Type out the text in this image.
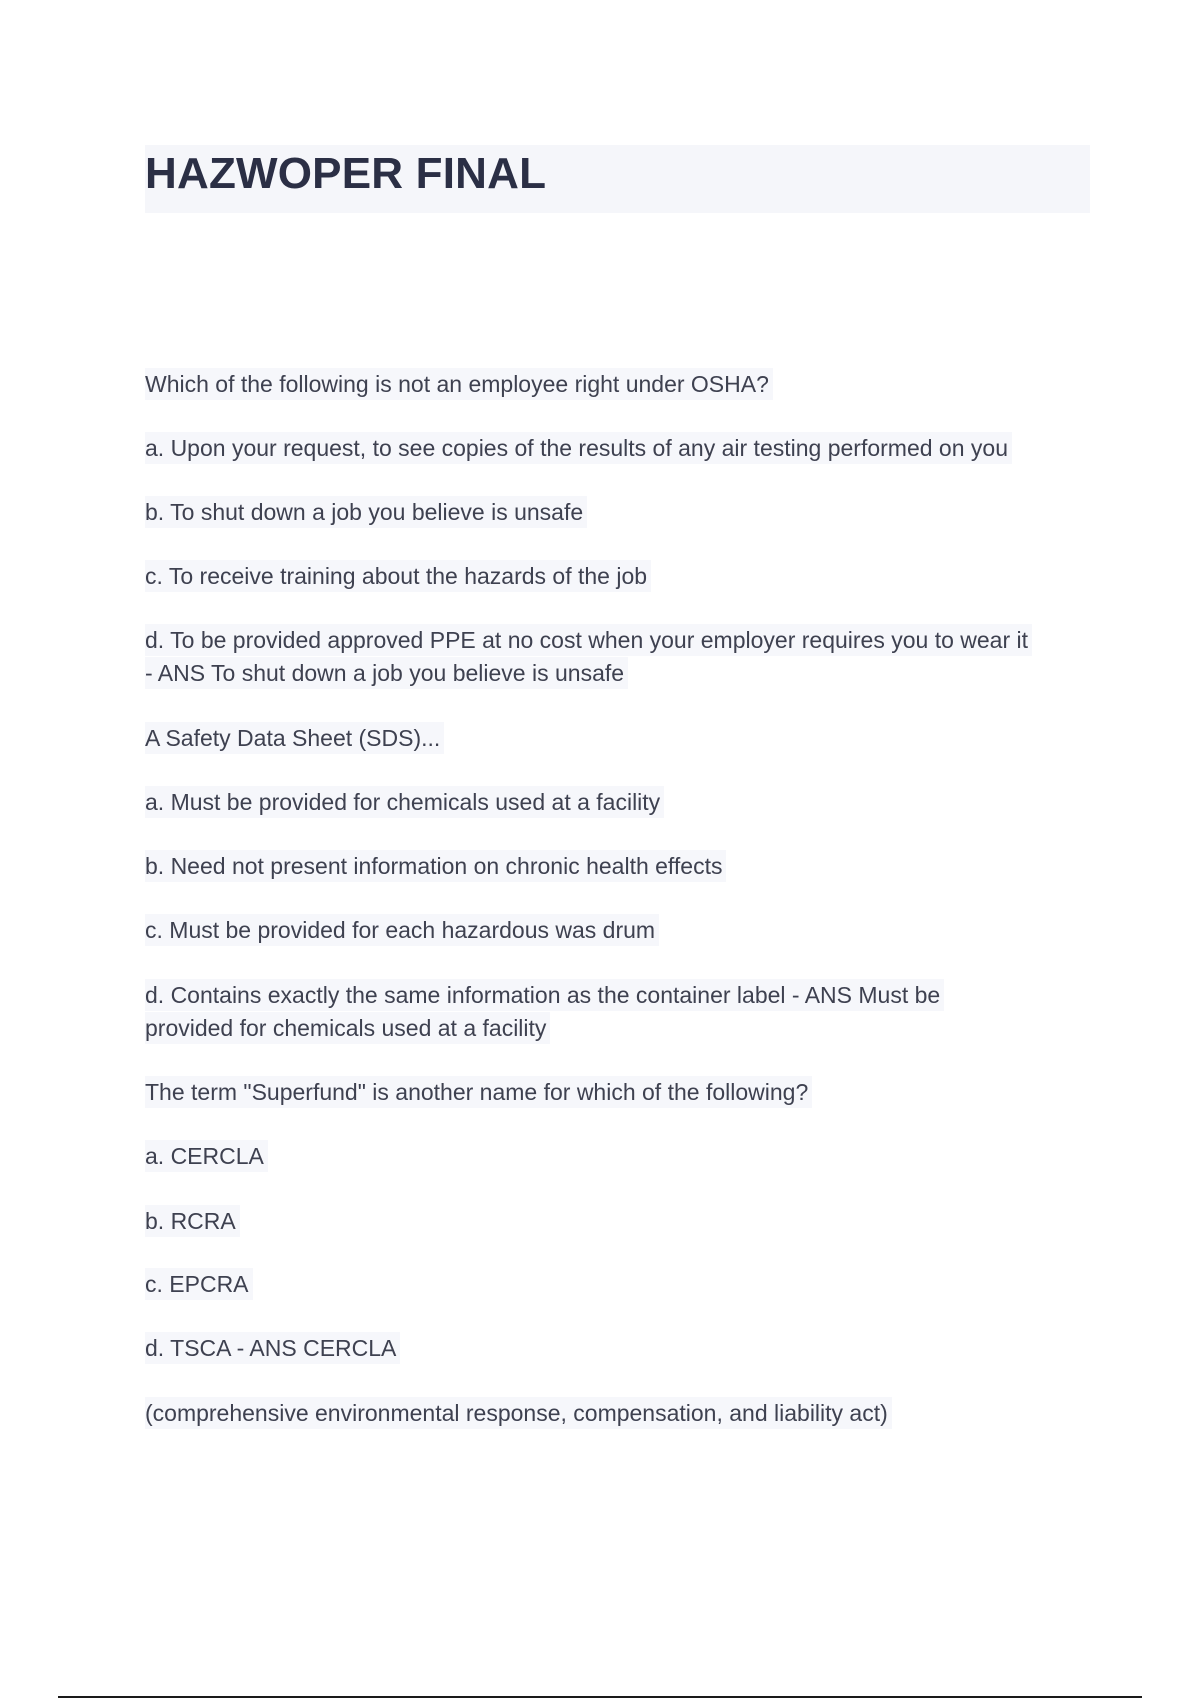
HAZWOPER FINAL
Which of the following is not an employee right under OSHA?
a. Upon your request, to see copies of the results of any air testing performed on you
b. To shut down a job you believe is unsafe
c. To receive training about the hazards of the job
d. To be provided approved PPE at no cost when your employer requires you to wear it
- ANS To shut down a job you believe is unsafe
A Safety Data Sheet (SDS)...
a. Must be provided for chemicals used at a facility
b. Need not present information on chronic health effects
c. Must be provided for each hazardous was drum
d. Contains exactly the same information as the container label - ANS Must be
provided for chemicals used at a facility
The term "Superfund" is another name for which of the following?
a. CERCLA
b. RCRA
c. EPCRA
d. TSCA - ANS CERCLA
(comprehensive environmental response, compensation, and liability act)
